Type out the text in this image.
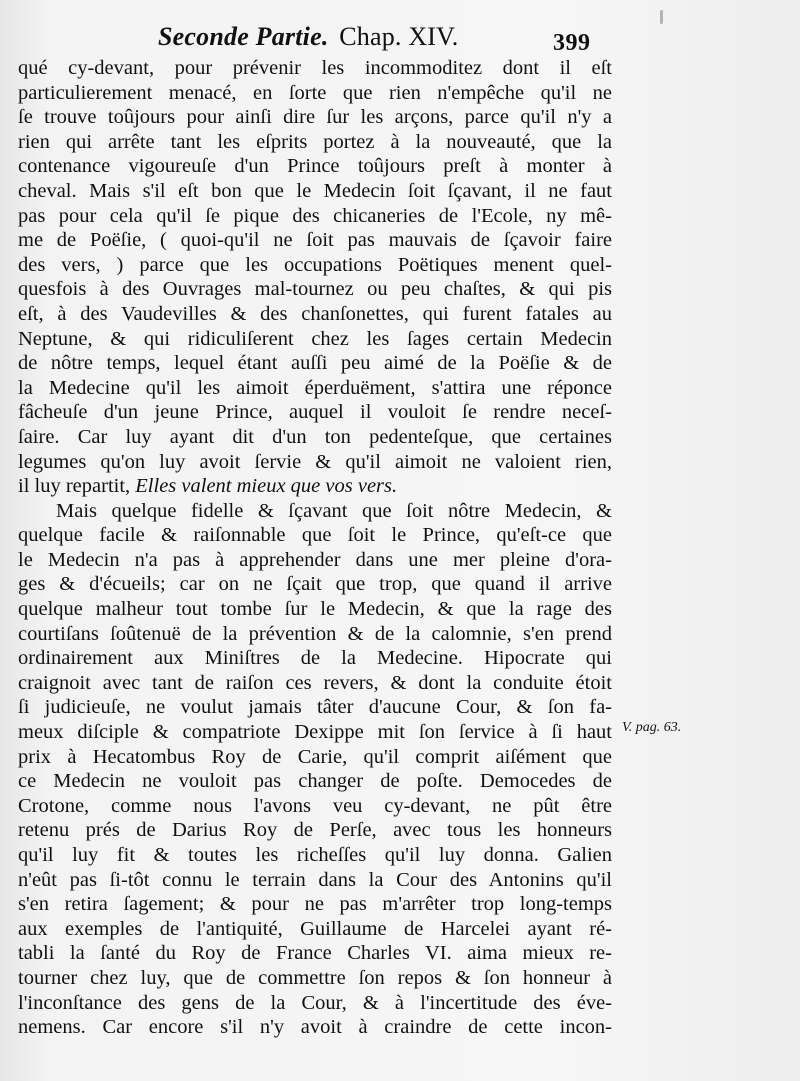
Seconde Partie. Chap. XIV.	399
qué cy-devant, pour prévenir les incommoditez dont il eſt
particulierement menacé, en ſorte que rien n'empêche qu'il ne
ſe trouve toûjours pour ainſi dire ſur les arçons, parce qu'il n'y a
rien qui arrête tant les eſprits portez à la nouveauté, que la
contenance vigoureuſe d'un Prince toûjours preſt à monter à
cheval. Mais s'il eſt bon que le Medecin ſoit ſçavant, il ne faut
pas pour cela qu'il ſe pique des chicaneries de l'Ecole, ny mê-
me de Poëſie, ( quoi-qu'il ne ſoit pas mauvais de ſçavoir faire
des vers, ) parce que les occupations Poëtiques menent quel-
quesfois à des Ouvrages mal-tournez ou peu chaſtes, & qui pis
eſt, à des Vaudevilles & des chanſonettes, qui furent fatales au
Neptune, & qui ridiculiſerent chez les ſages certain Medecin
de nôtre temps, lequel étant auſſi peu aimé de la Poëſie & de
la Medecine qu'il les aimoit éperduëment, s'attira une réponce
fâcheuſe d'un jeune Prince, auquel il vouloit ſe rendre neceſ-
ſaire. Car luy ayant dit d'un ton pedenteſque, que certaines
legumes qu'on luy avoit ſervie & qu'il aimoit ne valoient rien,
il luy repartit, Elles valent mieux que vos vers.
Mais quelque fidelle & ſçavant que ſoit nôtre Medecin, &
quelque facile & raiſonnable que ſoit le Prince, qu'eſt-ce que
le Medecin n'a pas à apprehender dans une mer pleine d'ora-
ges & d'écueils; car on ne ſçait que trop, que quand il arrive
quelque malheur tout tombe ſur le Medecin, & que la rage des
courtiſans ſoûtenuë de la prévention & de la calomnie, s'en prend
ordinairement aux Miniſtres de la Medecine. Hipocrate qui
craignoit avec tant de raiſon ces revers, & dont la conduite étoit
ſi judicieuſe, ne voulut jamais tâter d'aucune Cour, & ſon fa-
meux diſciple & compatriote Dexippe mit ſon ſervice à ſi haut
prix à Hecatombus Roy de Carie, qu'il comprit aiſément que
ce Medecin ne vouloit pas changer de poſte. Democedes de
Crotone, comme nous l'avons veu cy-devant, ne pût être
retenu prés de Darius Roy de Perſe, avec tous les honneurs
qu'il luy fit & toutes les richeſſes qu'il luy donna. Galien
n'eût pas ſi-tôt connu le terrain dans la Cour des Antonins qu'il
s'en retira ſagement; & pour ne pas m'arrêter trop long-temps
aux exemples de l'antiquité, Guillaume de Harcelei ayant ré-
tabli la ſanté du Roy de France Charles VI. aima mieux re-
tourner chez luy, que de commettre ſon repos & ſon honneur à
l'inconſtance des gens de la Cour, & à l'incertitude des éve-
nemens. Car encore s'il n'y avoit à craindre de cette incon-
V. pag. 63.
